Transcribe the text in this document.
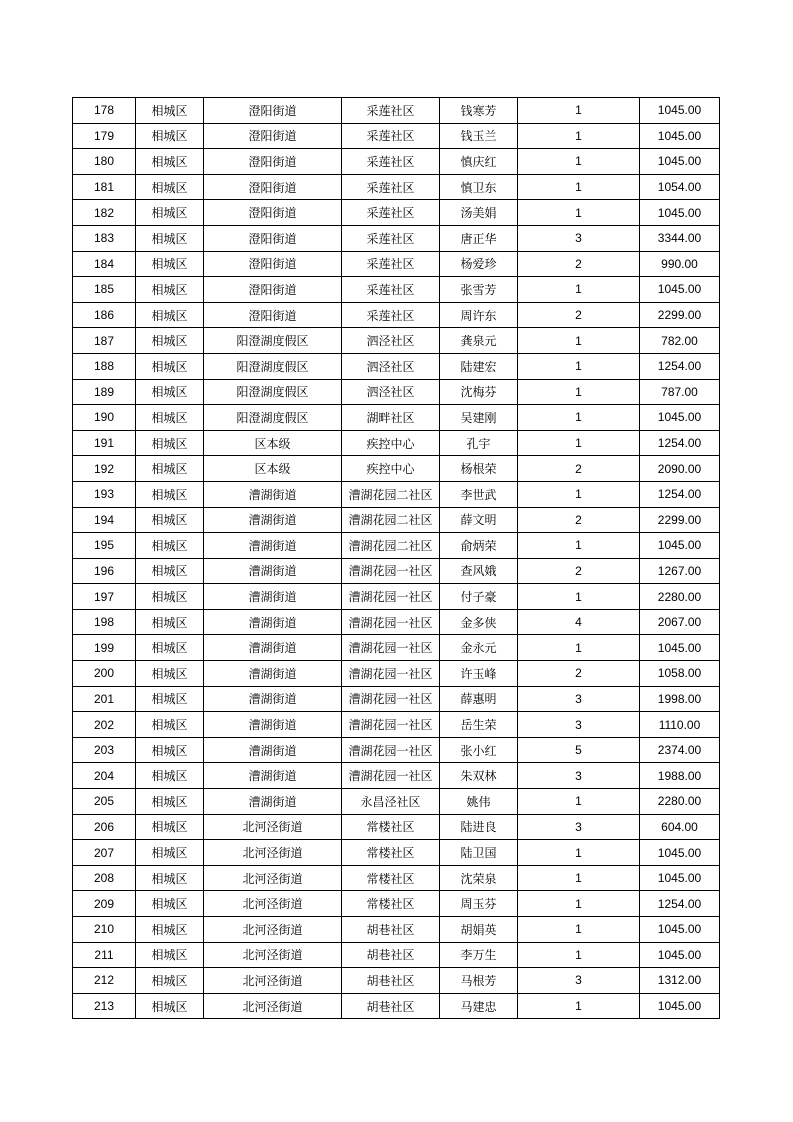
178	相城区	澄阳街道	采莲社区	钱寒芳	1	1045.00
179	相城区	澄阳街道	采莲社区	钱玉兰	1	1045.00
180	相城区	澄阳街道	采莲社区	慎庆红	1	1045.00
181	相城区	澄阳街道	采莲社区	慎卫东	1	1054.00
182	相城区	澄阳街道	采莲社区	汤美娟	1	1045.00
183	相城区	澄阳街道	采莲社区	唐正华	3	3344.00
184	相城区	澄阳街道	采莲社区	杨爱珍	2	990.00
185	相城区	澄阳街道	采莲社区	张雪芳	1	1045.00
186	相城区	澄阳街道	采莲社区	周许东	2	2299.00
187	相城区	阳澄湖度假区	泗泾社区	龚泉元	1	782.00
188	相城区	阳澄湖度假区	泗泾社区	陆建宏	1	1254.00
189	相城区	阳澄湖度假区	泗泾社区	沈梅芬	1	787.00
190	相城区	阳澄湖度假区	湖畔社区	吴建刚	1	1045.00
191	相城区	区本级	疾控中心	孔宇	1	1254.00
192	相城区	区本级	疾控中心	杨根荣	2	2090.00
193	相城区	漕湖街道	漕湖花园二社区	李世武	1	1254.00
194	相城区	漕湖街道	漕湖花园二社区	薛文明	2	2299.00
195	相城区	漕湖街道	漕湖花园二社区	俞炳荣	1	1045.00
196	相城区	漕湖街道	漕湖花园一社区	查风娥	2	1267.00
197	相城区	漕湖街道	漕湖花园一社区	付子豪	1	2280.00
198	相城区	漕湖街道	漕湖花园一社区	金多侠	4	2067.00
199	相城区	漕湖街道	漕湖花园一社区	金永元	1	1045.00
200	相城区	漕湖街道	漕湖花园一社区	许玉峰	2	1058.00
201	相城区	漕湖街道	漕湖花园一社区	薛惠明	3	1998.00
202	相城区	漕湖街道	漕湖花园一社区	岳生荣	3	1110.00
203	相城区	漕湖街道	漕湖花园一社区	张小红	5	2374.00
204	相城区	漕湖街道	漕湖花园一社区	朱双林	3	1988.00
205	相城区	漕湖街道	永昌泾社区	姚伟	1	2280.00
206	相城区	北河泾街道	常楼社区	陆进良	3	604.00
207	相城区	北河泾街道	常楼社区	陆卫国	1	1045.00
208	相城区	北河泾街道	常楼社区	沈荣泉	1	1045.00
209	相城区	北河泾街道	常楼社区	周玉芬	1	1254.00
210	相城区	北河泾街道	胡巷社区	胡娟英	1	1045.00
211	相城区	北河泾街道	胡巷社区	李万生	1	1045.00
212	相城区	北河泾街道	胡巷社区	马根芳	3	1312.00
213	相城区	北河泾街道	胡巷社区	马建忠	1	1045.00
